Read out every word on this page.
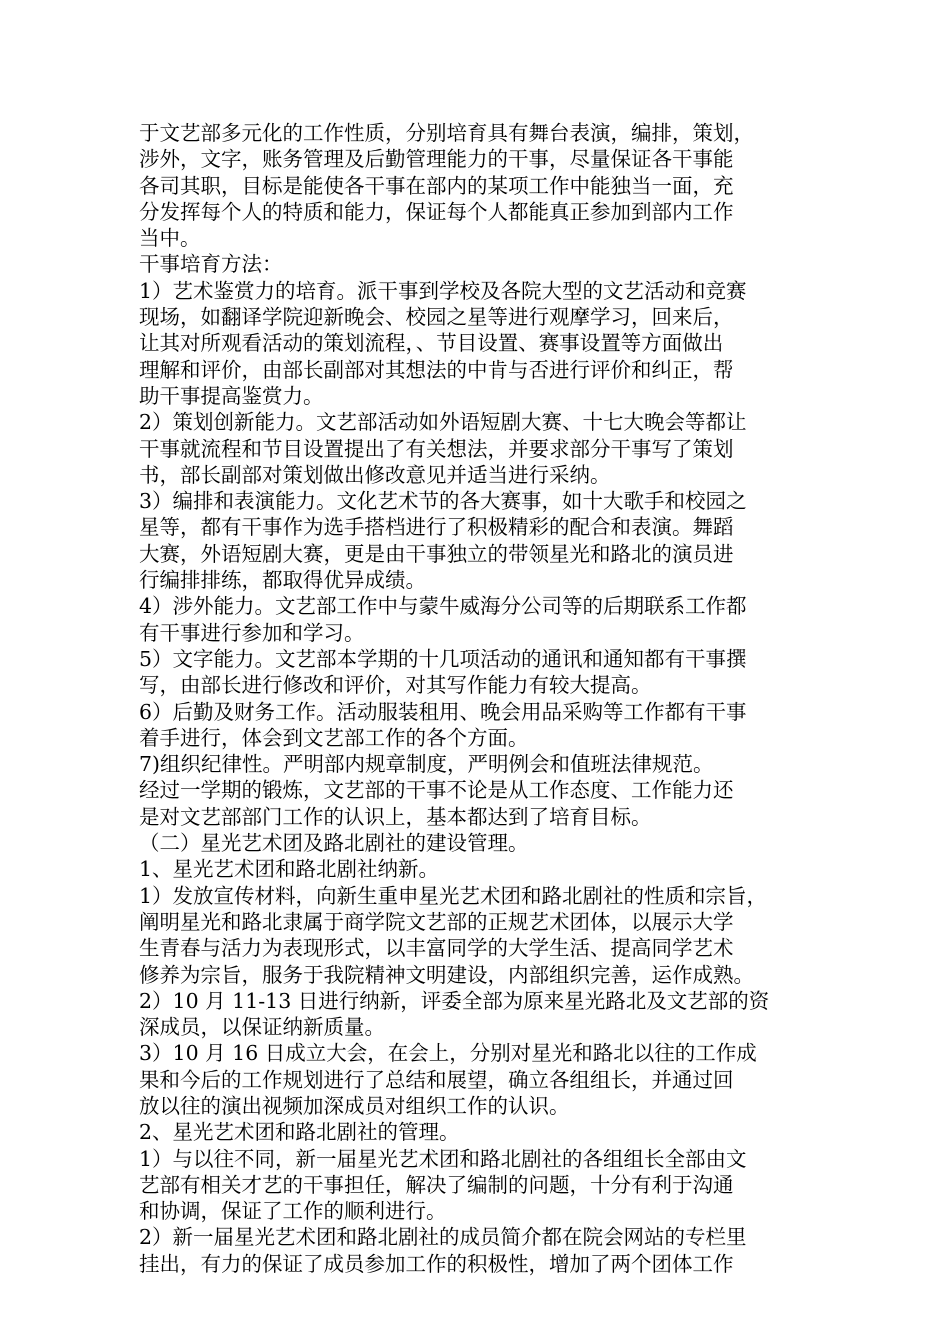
于文艺部多元化的工作性质，分别培育具有舞台表演，编排，策划，
涉外，文字，账务管理及后勤管理能力的干事，尽量保证各干事能
各司其职，目标是能使各干事在部内的某项工作中能独当一面，充
分发挥每个人的特质和能力，保证每个人都能真正参加到部内工作
当中。
干事培育方法：
1）艺术鉴赏力的培育。派干事到学校及各院大型的文艺活动和竞赛
现场，如翻译学院迎新晚会、校园之星等进行观摩学习，回来后，
让其对所观看活动的策划流程，、节目设置、赛事设置等方面做出
理解和评价，由部长副部对其想法的中肯与否进行评价和纠正，帮
助干事提高鉴赏力。
2）策划创新能力。文艺部活动如外语短剧大赛、十七大晚会等都让
干事就流程和节目设置提出了有关想法，并要求部分干事写了策划
书，部长副部对策划做出修改意见并适当进行采纳。
3）编排和表演能力。文化艺术节的各大赛事，如十大歌手和校园之
星等，都有干事作为选手搭档进行了积极精彩的配合和表演。舞蹈
大赛，外语短剧大赛，更是由干事独立的带领星光和路北的演员进
行编排排练，都取得优异成绩。
4）涉外能力。文艺部工作中与蒙牛威海分公司等的后期联系工作都
有干事进行参加和学习。
5）文字能力。文艺部本学期的十几项活动的通讯和通知都有干事撰
写，由部长进行修改和评价，对其写作能力有较大提高。
6）后勤及财务工作。活动服装租用、晚会用品采购等工作都有干事
着手进行，体会到文艺部工作的各个方面。
7)组织纪律性。严明部内规章制度，严明例会和值班法律规范。
经过一学期的锻炼，文艺部的干事不论是从工作态度、工作能力还
是对文艺部部门工作的认识上，基本都达到了培育目标。
（二）星光艺术团及路北剧社的建设管理。
1、星光艺术团和路北剧社纳新。
1）发放宣传材料，向新生重申星光艺术团和路北剧社的性质和宗旨，
阐明星光和路北隶属于商学院文艺部的正规艺术团体，以展示大学
生青春与活力为表现形式，以丰富同学的大学生活、提高同学艺术
修养为宗旨，服务于我院精神文明建设，内部组织完善，运作成熟。
2）10 月 11-13 日进行纳新，评委全部为原来星光路北及文艺部的资
深成员，以保证纳新质量。
3）10 月 16 日成立大会，在会上，分别对星光和路北以往的工作成
果和今后的工作规划进行了总结和展望，确立各组组长，并通过回
放以往的演出视频加深成员对组织工作的认识。
2、星光艺术团和路北剧社的管理。
1）与以往不同，新一届星光艺术团和路北剧社的各组组长全部由文
艺部有相关才艺的干事担任，解决了编制的问题，十分有利于沟通
和协调，保证了工作的顺利进行。
2）新一届星光艺术团和路北剧社的成员简介都在院会网站的专栏里
挂出，有力的保证了成员参加工作的积极性，增加了两个团体工作
